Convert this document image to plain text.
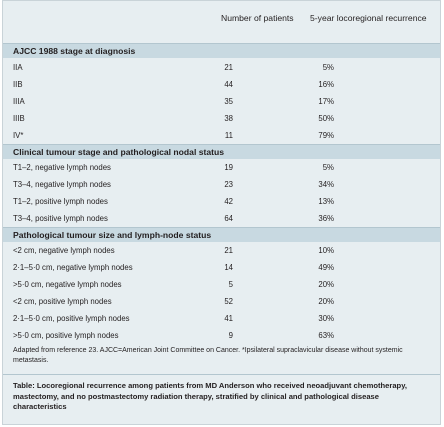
Number of patients 5-year locoregional recurrence
AJCC 1988 stage at diagnosis
IIA	21	5%
IIB	44	16%
IIIA	35	17%
IIIB	38	50%
IV*	11	79%
Clinical tumour stage and pathological nodal status
T1–2, negative lymph nodes	19	5%
T3–4, negative lymph nodes	23	34%
T1–2, positive lymph nodes	42	13%
T3–4, positive lymph nodes	64	36%
Pathological tumour size and lymph-node status
<2 cm, negative lymph nodes	21	10%
2·1–5·0 cm, negative lymph nodes	14	49%
>5·0 cm, negative lymph nodes	5	20%
<2 cm, positive lymph nodes	52	20%
2·1–5·0 cm, positive lymph nodes	41	30%
>5·0 cm, positive lymph nodes	9	63%
Adapted from reference 23. AJCC=American Joint Committee on Cancer. *Ipsilateral supraclavicular disease without systemic metastasis.
Table: Locoregional recurrence among patients from MD Anderson who received neoadjuvant chemotherapy, mastectomy, and no postmastectomy radiation therapy, stratified by clinical and pathological disease characteristics
